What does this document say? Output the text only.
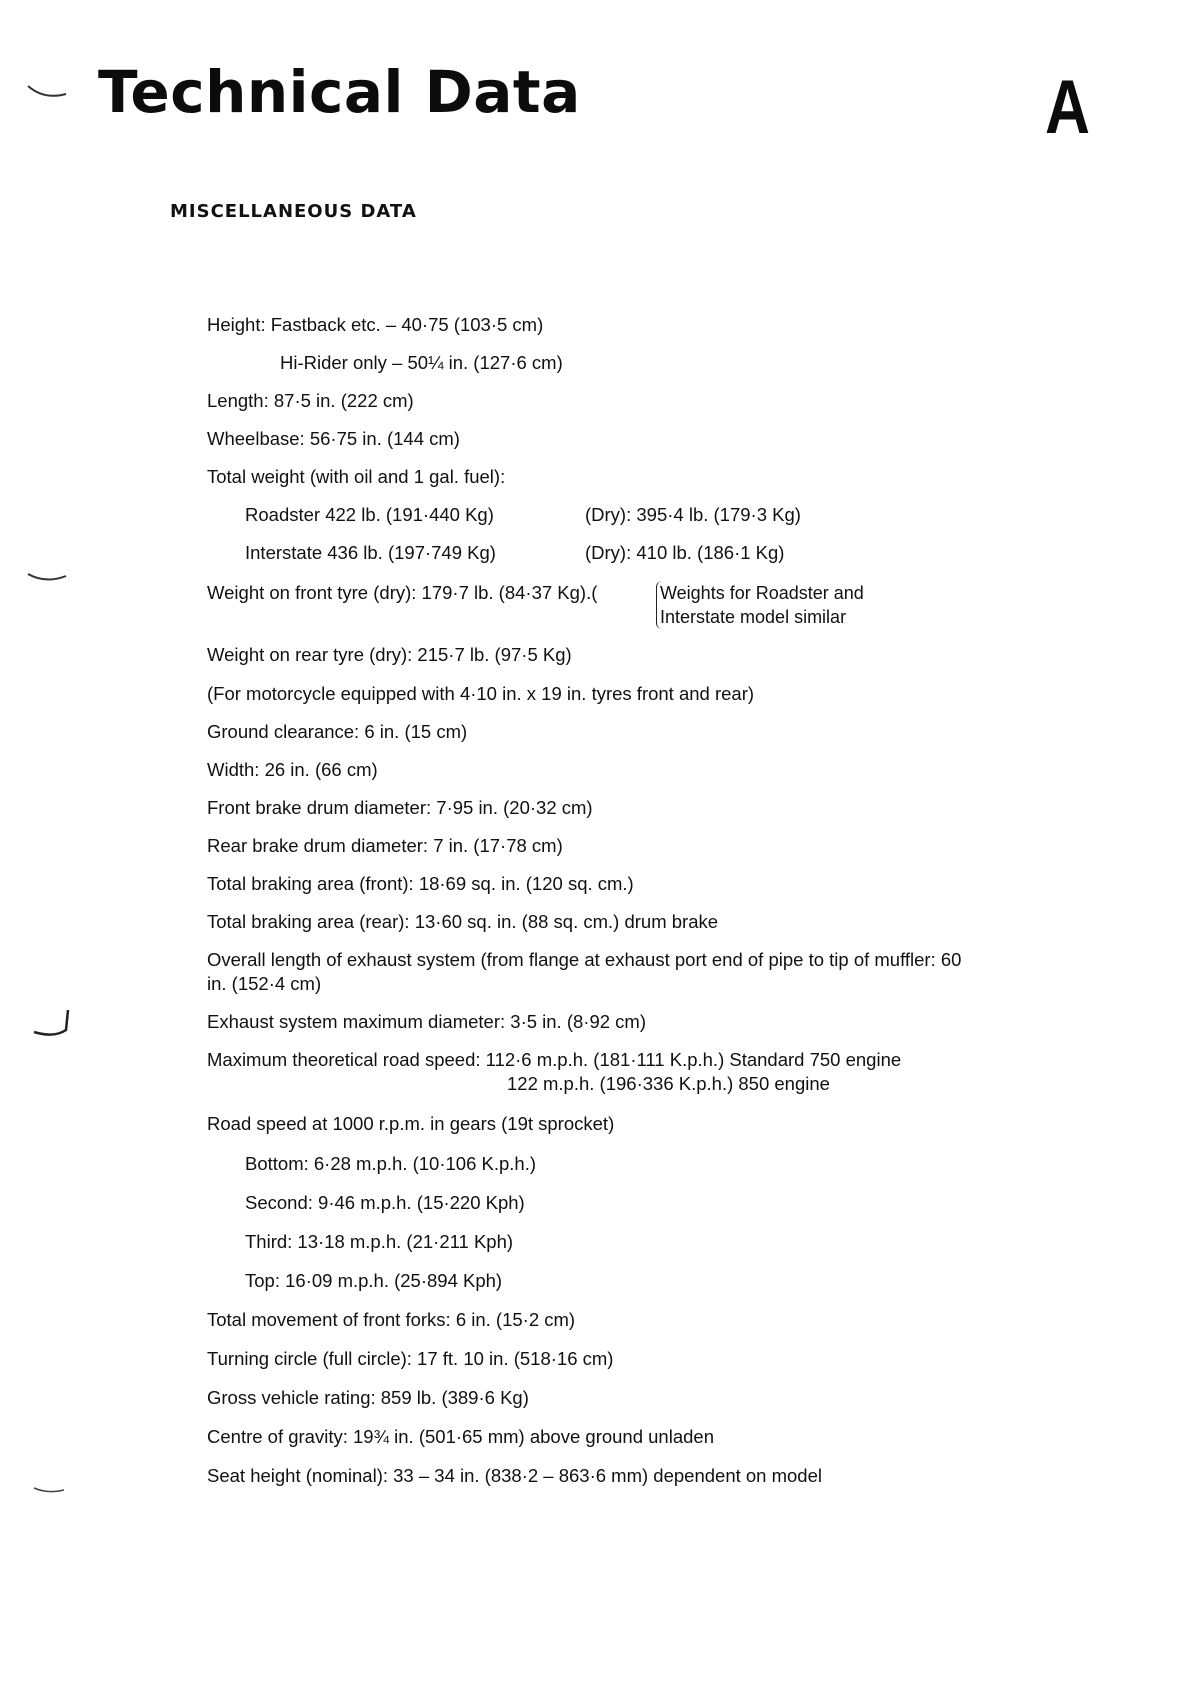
Technical Data	A
MISCELLANEOUS DATA
Height: Fastback etc. – 40·75 (103·5 cm)
Hi-Rider only – 50¼ in. (127·6 cm)
Length: 87·5 in. (222 cm)
Wheelbase: 56·75 in. (144 cm)
Total weight (with oil and 1 gal. fuel):
Roadster 422 lb. (191·440 Kg)	(Dry): 395·4 lb. (179·3 Kg)
Interstate 436 lb. (197·749 Kg)	(Dry): 410 lb. (186·1 Kg)
Weight on front tyre (dry): 179·7 lb. (84·37 Kg).(	Weights for Roadster and
Interstate model similar
Weight on rear tyre (dry): 215·7 lb. (97·5 Kg)
(For motorcycle equipped with 4·10 in. x 19 in. tyres front and rear)
Ground clearance: 6 in. (15 cm)
Width: 26 in. (66 cm)
Front brake drum diameter: 7·95 in. (20·32 cm)
Rear brake drum diameter: 7 in. (17·78 cm)
Total braking area (front): 18·69 sq. in. (120 sq. cm.)
Total braking area (rear): 13·60 sq. in. (88 sq. cm.) drum brake
Overall length of exhaust system (from flange at exhaust port end of pipe to tip of muffler: 60 in. (152·4 cm)
Exhaust system maximum diameter: 3·5 in. (8·92 cm)
Maximum theoretical road speed: 112·6 m.p.h. (181·111 K.p.h.) Standard 750 engine
122 m.p.h. (196·336 K.p.h.) 850 engine
Road speed at 1000 r.p.m. in gears (19t sprocket)
Bottom: 6·28 m.p.h. (10·106 K.p.h.)
Second: 9·46 m.p.h. (15·220 Kph)
Third: 13·18 m.p.h. (21·211 Kph)
Top: 16·09 m.p.h. (25·894 Kph)
Total movement of front forks: 6 in. (15·2 cm)
Turning circle (full circle): 17 ft. 10 in. (518·16 cm)
Gross vehicle rating: 859 lb. (389·6 Kg)
Centre of gravity: 19¾ in. (501·65 mm) above ground unladen
Seat height (nominal): 33 – 34 in. (838·2 – 863·6 mm) dependent on model
